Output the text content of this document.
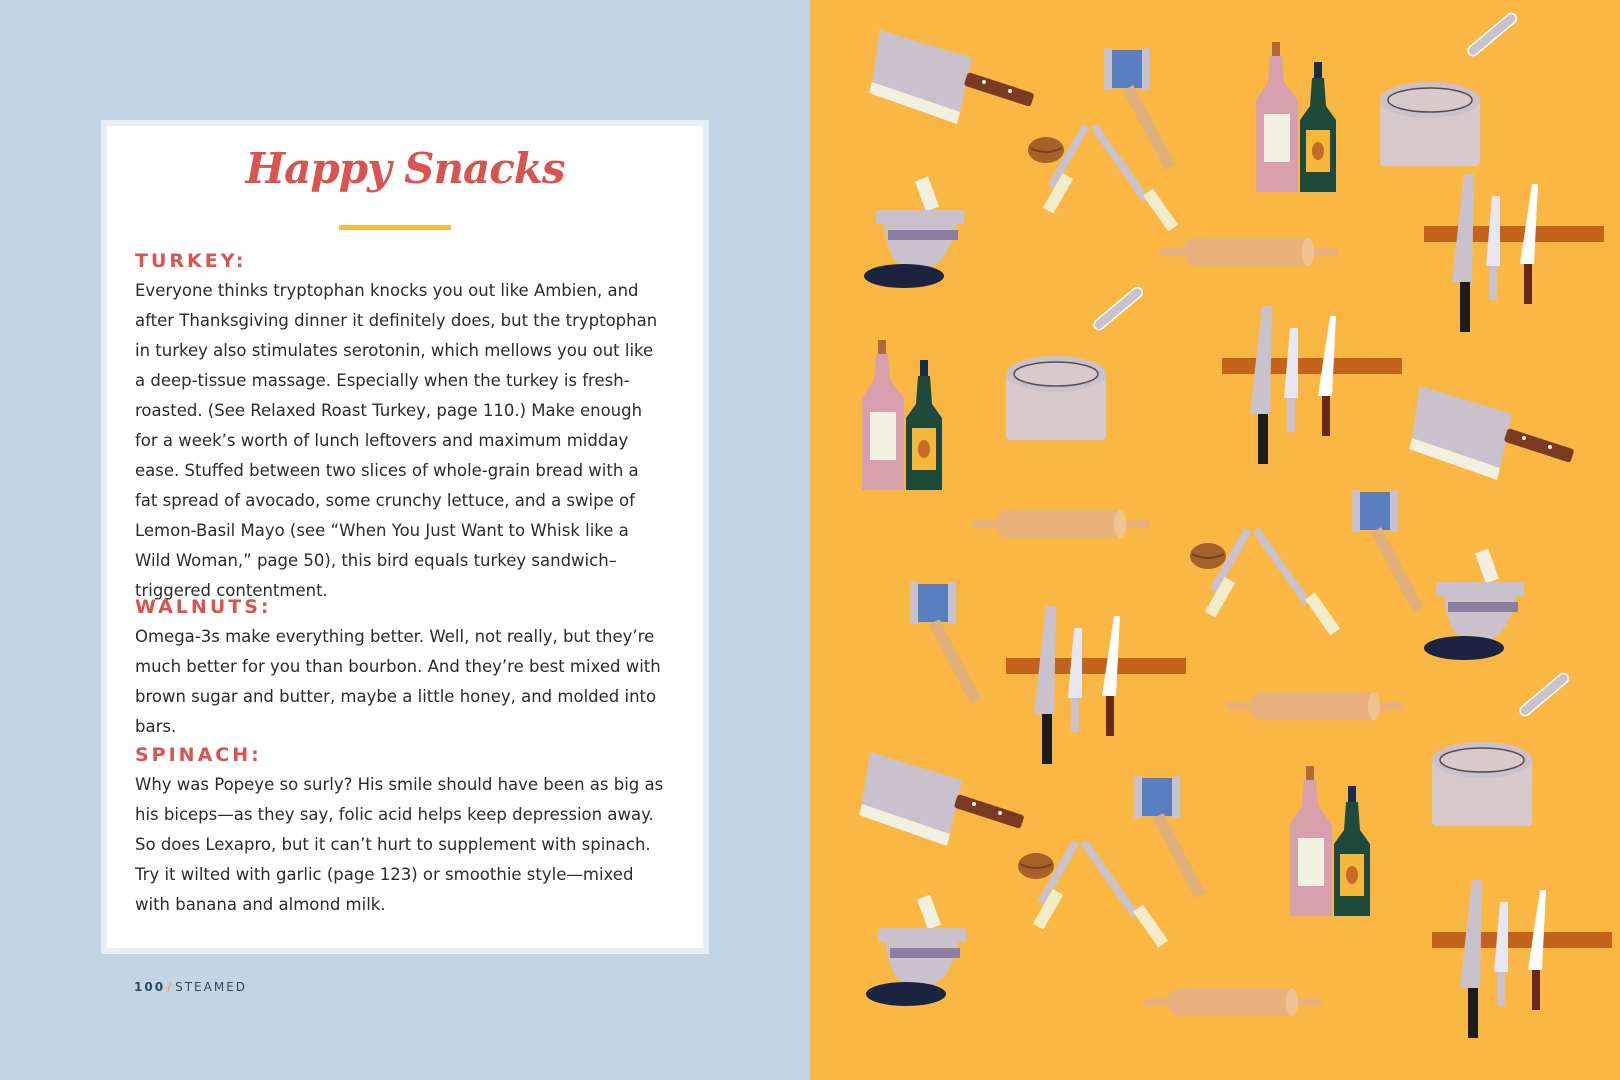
Happy Snacks
TURKEY:

Everyone thinks tryptophan knocks you out like Ambien, and after Thanksgiving dinner it definitely does, but the tryptophan in turkey also stimulates serotonin, which mellows you out like a deep-tissue massage. Especially when the turkey is fresh-roasted. (See Relaxed Roast Turkey, page 110.) Make enough for a week’s worth of lunch leftovers and maximum midday ease. Stuffed between two slices of whole-grain bread with a fat spread of avocado, some crunchy lettuce, and a swipe of Lemon-Basil Mayo (see “When You Just Want to Whisk like a Wild Woman,” page 50), this bird equals turkey sandwich–triggered contentment.

WALNUTS:

Omega-3s make everything better. Well, not really, but they’re much better for you than bourbon. And they’re best mixed with brown sugar and butter, maybe a little honey, and molded into bars.

SPINACH:

Why was Popeye so surly? His smile should have been as big as his biceps—as they say, folic acid helps keep depression away. So does Lexapro, but it can’t hurt to supplement with spinach. Try it wilted with garlic (page 123) or smoothie style—mixed with banana and almond milk.

100 / STEAMED
